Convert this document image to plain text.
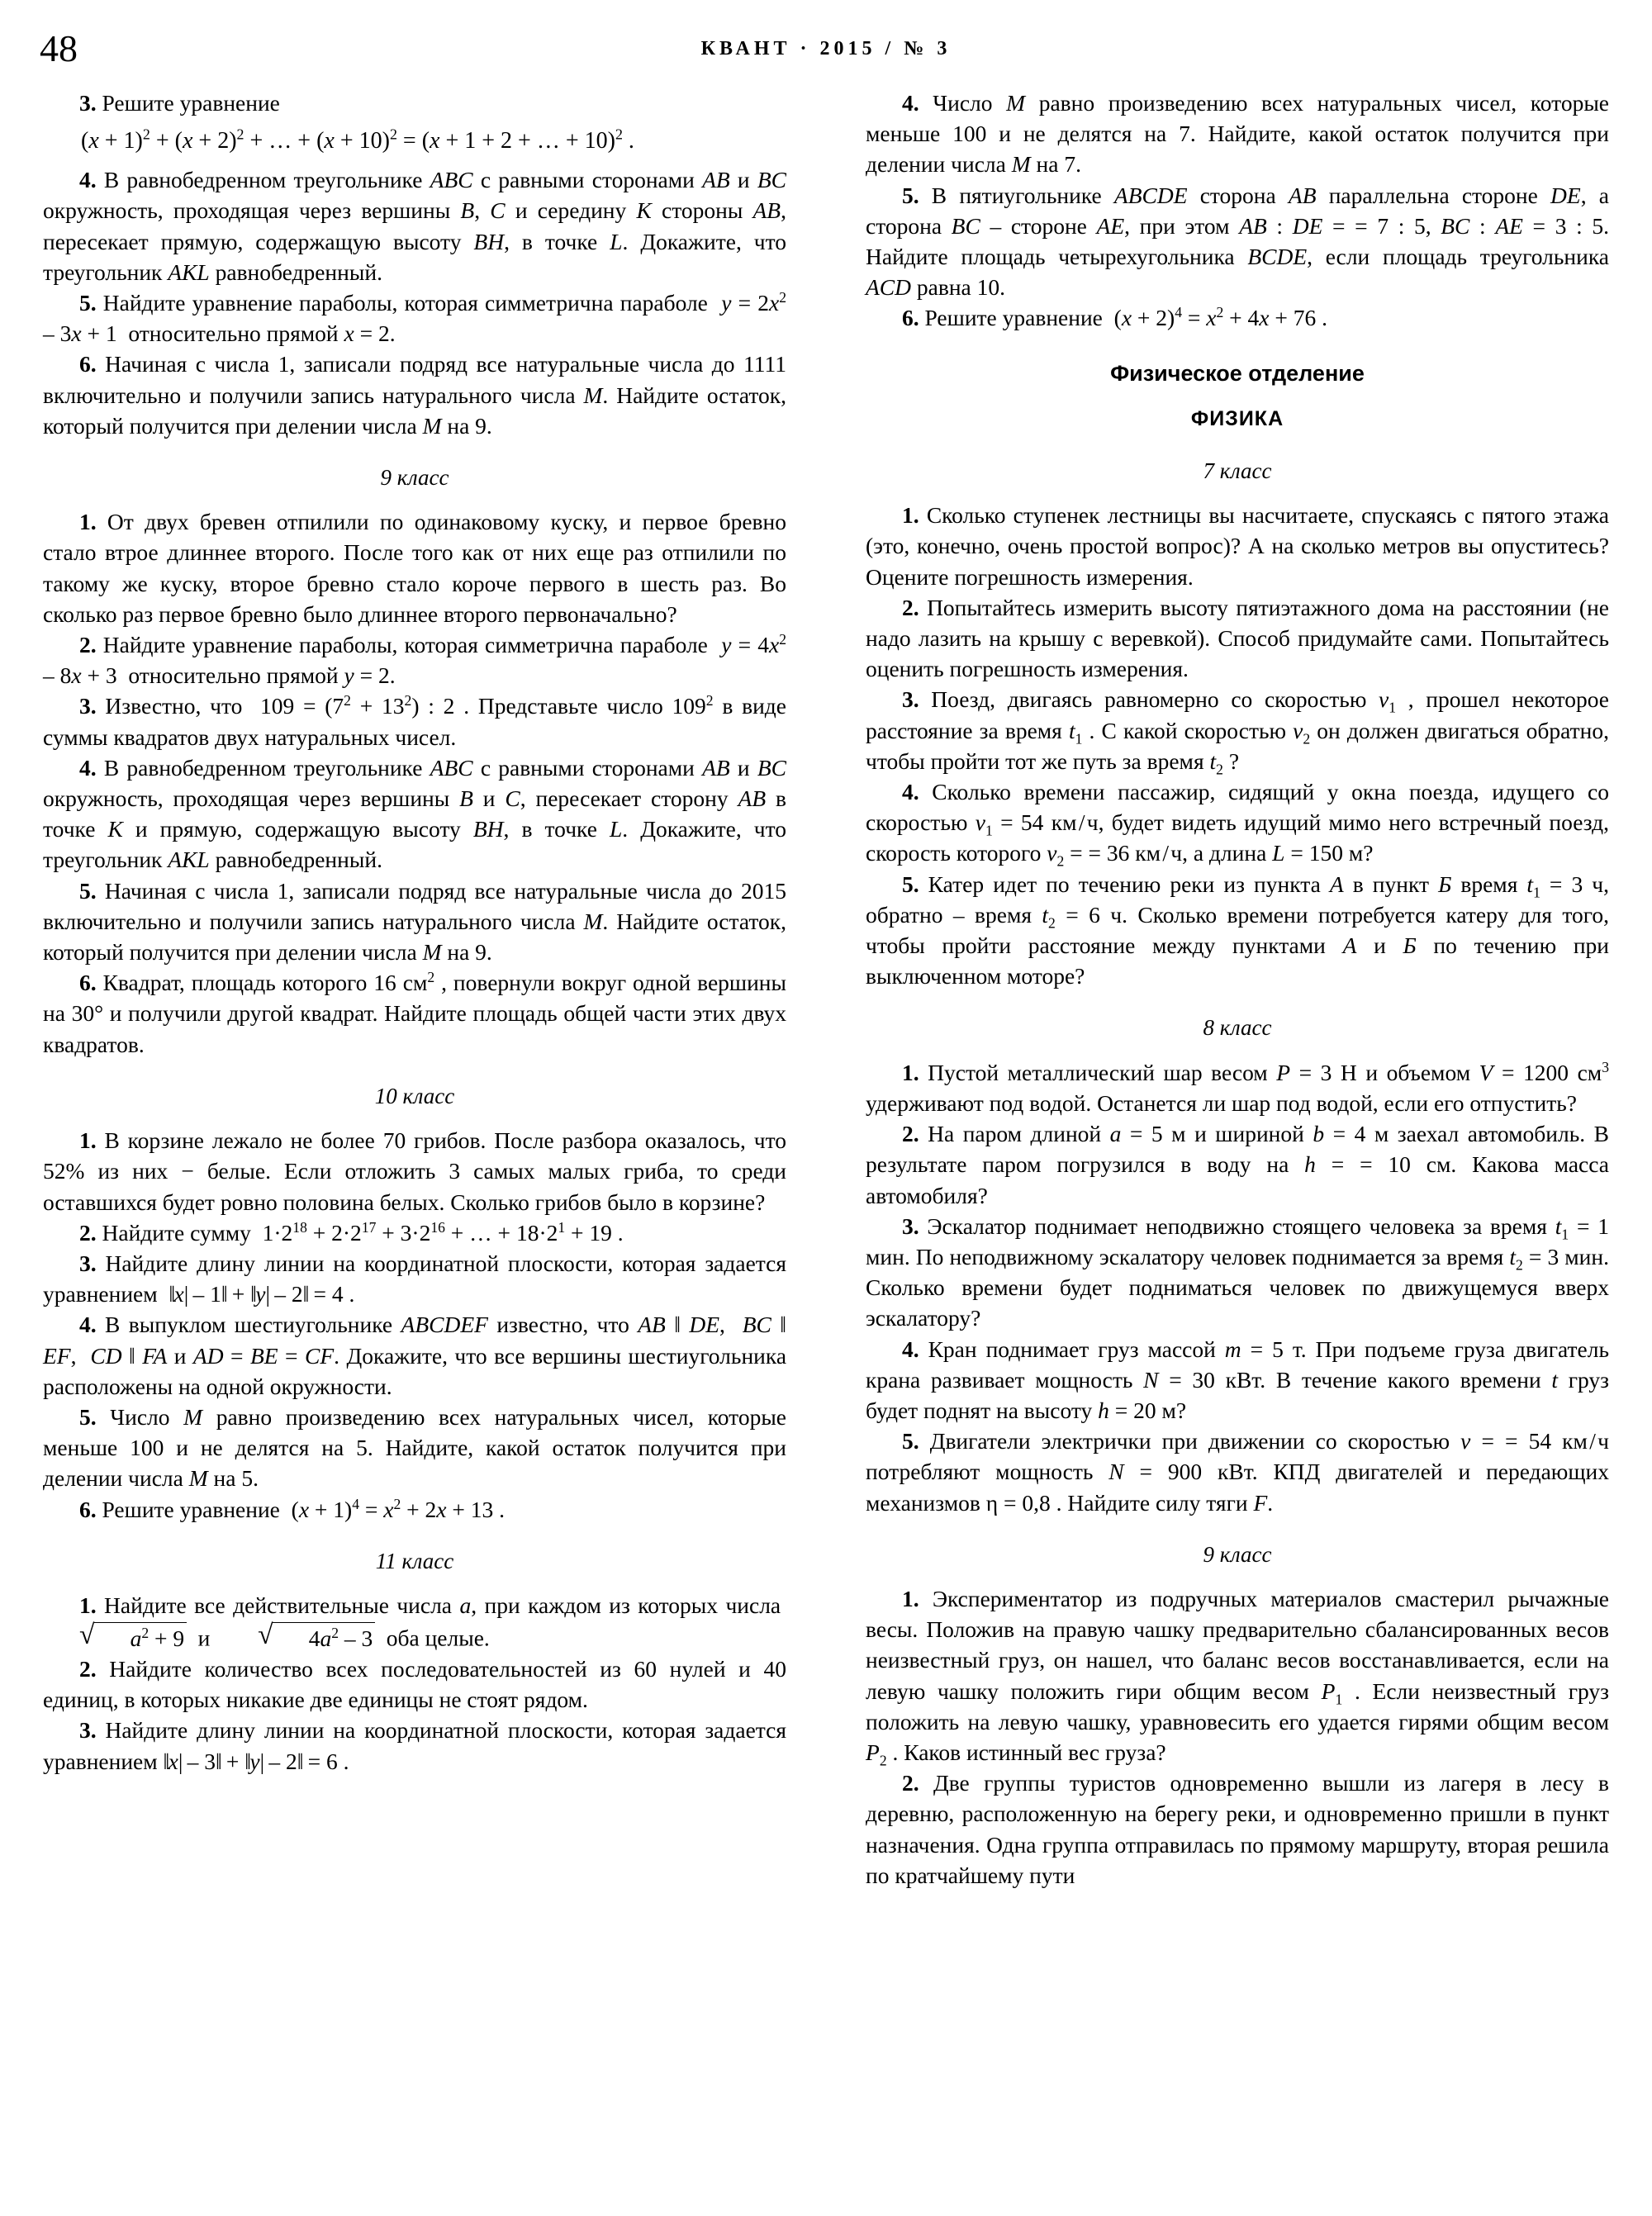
48	КВАНТ · 2015 / № 3

3. Решите уравнение

$(x + 1)^2 + (x + 2)^2$ + … + $(x + 10)^2 = (x + 1 + 2$ + … + 10)$^2$ .

4. В равнобедренном треугольнике ABC с равными сторонами AB и BC окружность, проходящая через вершины B, C и середину K стороны AB, пересекает прямую, содержащую высоту BH, в точке L. Докажите, что треугольник AKL равнобедренный.

5. Найдите уравнение параболы, которая симметрична параболе  $y = 2x^2 - 3x + 1$  относительно прямой x = 2.

6. Начиная с числа 1, записали подряд все натуральные числа до 1111 включительно и получили запись натурального числа M. Найдите остаток, который получится при делении числа M на 9.

9 класс

1. От двух бревен отпилили по одинаковому куску, и первое бревно стало втрое длиннее второго. После того как от них еще раз отпилили по такому же куску, второе бревно стало короче первого в шесть раз. Во сколько раз первое бревно было длиннее второго первоначально?

2. Найдите уравнение параболы, которая симметрична параболе  $y = 4x^2 - 8x + 3$  относительно прямой y = 2.

3. Известно, что  $109 = (7^2 + 13^2)$ : 2 . Представьте число $109^2$ в виде суммы квадратов двух натуральных чисел.

4. В равнобедренном треугольнике ABC с равными сторонами AB и BC окружность, проходящая через вершины B и C, пересекает сторону AB в точке K и прямую, содержащую высоту BH, в точке L. Докажите, что треугольник AKL равнобедренный.

5. Начиная с числа 1, записали подряд все натуральные числа до 2015 включительно и получили запись натурального числа M. Найдите остаток, который получится при делении числа M на 9.

6. Квадрат, площадь которого 16 $см^2$ , повернули вокруг одной вершины на 30° и получили другой квадрат. Найдите площадь общей части этих двух квадратов.

10 класс

1. В корзине лежало не более 70 грибов. После разбора оказалось, что 52% из них − белые. Если отложить 3 самых малых гриба, то среди оставшихся будет ровно половина белых. Сколько грибов было в корзине?

2. Найдите сумму  $1\cdot 2^{18} + 2\cdot 2^{17} + 3\cdot 2^{16}$ + … + $18\cdot 2^1 + 19$ .

3. Найдите длину линии на координатной плоскости, которая задается уравнением  ‖x| – 1‖ + ‖y| – 2‖ = 4 .

4. В выпуклом шестиугольнике ABCDEF известно, что AB ‖ DE,  BC ‖ EF,  CD ‖ FA и AD = BE = CF. Докажите, что все вершины шестиугольника расположены на одной окружности.

5. Число M равно произведению всех натуральных чисел, которые меньше 100 и не делятся на 5. Найдите, какой остаток получится при делении числа M на 5.

6. Решите уравнение  $(x + 1)^4 = x^2 + 2x + 13$ .

11 класс

1. Найдите все действительные числа a, при каждом из которых числа  √ $a^2 + 9$  и	√ $4a^2 - 3$  оба целые.

2. Найдите количество всех последовательностей из 60 нулей и 40 единиц, в которых никакие две единицы не стоят рядом.

3. Найдите длину линии на координатной плоскости, которая задается уравнением ‖x| – 3‖ + ‖y| – 2‖ = 6 .

4. Число M равно произведению всех натуральных чисел, которые меньше 100 и не делятся на 7. Найдите, какой остаток получится при делении числа M на 7.

5. В пятиугольнике ABCDE сторона AB параллельна стороне DE, а сторона BC – стороне AE, при этом AB : DE = = 7 : 5, BC : AE = 3 : 5. Найдите площадь четырехугольника BCDE, если площадь треугольника ACD равна 10.

6. Решите уравнение  $(x + 2)^4 = x^2 + 4x + 76$ .

Физическое отделение

ФИЗИКА

7 класс

1. Сколько ступенек лестницы вы насчитаете, спускаясь с пятого этажа (это, конечно, очень простой вопрос)? А на сколько метров вы опуститесь? Оцените погрешность измерения.

2. Попытайтесь измерить высоту пятиэтажного дома на расстоянии (не надо лазить на крышу с веревкой). Способ придумайте сами. Попытайтесь оценить погрешность измерения.

3. Поезд, двигаясь равномерно со скоростью $v_1$ , прошел некоторое расстояние за время $t_1$ . С какой скоростью $v_2$ он должен двигаться обратно, чтобы пройти тот же путь за время $t_2$ ?

4. Сколько времени пассажир, сидящий у окна поезда, идущего со скоростью $v_1 = 54$ км / ч, будет видеть идущий мимо него встречный поезд, скорость которого $v_2$ = = 36 км / ч, а длина L = 150 м?

5. Катер идет по течению реки из пункта А в пункт Б время $t_1 = 3$ ч, обратно – время $t_2 = 6$ ч. Сколько времени потребуется катеру для того, чтобы пройти расстояние между пунктами А и Б по течению при выключенном моторе?

8 класс

1. Пустой металлический шар весом P = 3 Н и объемом V = 1200 $см^3$ удерживают под водой. Останется ли шар под водой, если его отпустить?

2. На паром длиной a = 5 м и шириной b = 4 м заехал автомобиль. В результате паром погрузился в воду на h = = 10 см. Какова масса автомобиля?

3. Эскалатор поднимает неподвижно стоящего человека за время $t_1 = 1$ мин. По неподвижному эскалатору человек поднимается за время $t_2 = 3$ мин. Сколько времени будет подниматься человек по движущемуся вверх эскалатору?

4. Кран поднимает груз массой m = 5 т. При подъеме груза двигатель крана развивает мощность N = 30 кВт. В течение какого времени t груз будет поднят на высоту h = 20 м?

5. Двигатели электрички при движении со скоростью v = = 54 км / ч потребляют мощность N = 900 кВт. КПД двигателей и передающих механизмов η = 0,8 . Найдите силу тяги F.

9 класс

1. Экспериментатор из подручных материалов смастерил рычажные весы. Положив на правую чашку предварительно сбалансированных весов неизвестный груз, он нашел, что баланс весов восстанавливается, если на левую чашку положить гири общим весом $P_1$ . Если неизвестный груз положить на левую чашку, уравновесить его удается гирями общим весом $P_2$ . Каков истинный вес груза?

2. Две группы туристов одновременно вышли из лагеря в лесу в деревню, расположенную на берегу реки, и одновременно пришли в пункт назначения. Одна группа отправилась по прямому маршруту, вторая решила по кратчайшему пути
